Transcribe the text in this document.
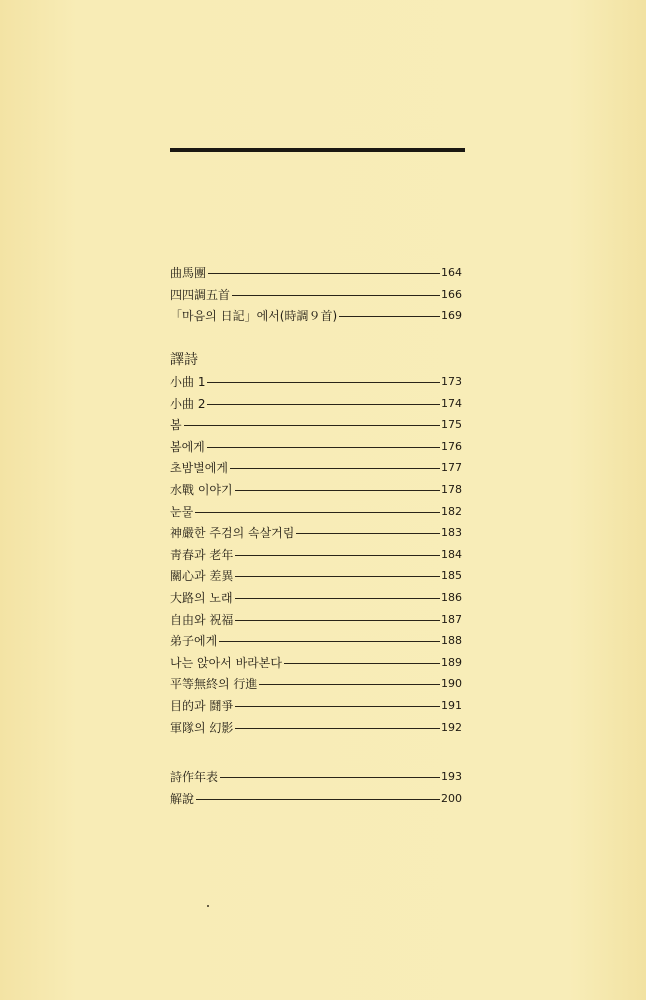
曲馬團	164
四四調五首	166
「마음의 日記」에서(時調９首)	169
譯詩
小曲 1	173
小曲 2	174
봄	175
봄에게	176
초밤별에게	177
水戰 이야기	178
눈물	182
神嚴한 주검의 속살거림	183
靑春과 老年	184
關心과 差異	185
大路의 노래	186
自由와 祝福	187
弟子에게	188
나는 앉아서 바라본다	189
平等無終의 行進	190
目的과 鬪爭	191
軍隊의 幻影	192
詩作年表	193
解說	200
